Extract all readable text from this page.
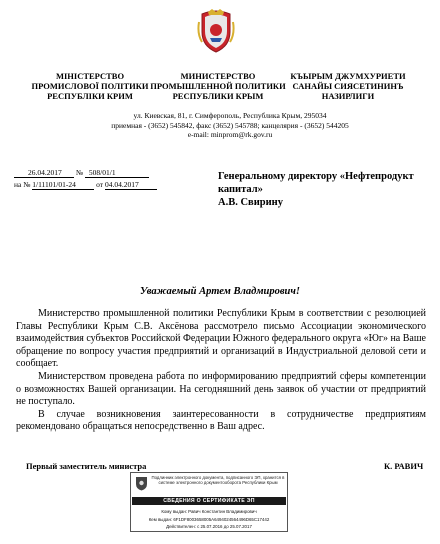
МІНІСТЕРСТВО
ПРОМИСЛОВОЇ ПОЛІТИКИ
РЕСПУБЛІКИ КРИМ
МИНИСТЕРСТВО
ПРОМЫШЛЕННОЙ ПОЛИТИКИ
РЕСПУБЛИКИ КРЫМ
КЪЫРЫМ ДЖУМХУРИЕТИ
САНАЙЫ СИЯСЕТИНИНЪ
НАЗИРЛИГИ
ул. Киевская, 81, г. Симферополь, Республика Крым, 295034
приемная - (3652) 545842, факс (3652) 545788; канцелярия - (3652) 544205
e-mail: minprom@rk.gov.ru
26.04.2017 № 508/01/1
на № 1/11101/01-24	от 04.04.2017
Генеральному директору «Нефтепродукт
капитал»
А.В. Свирину
Уважаемый Артем Владмирович!

Министерство промышленной политики Республики Крым в соответствии с резолюцией Главы Республики Крым С.В. Аксёнова рассмотрело письмо Ассоциации экономического взаимодействия субъектов Российской Федерации Южного федерального округа «Юг» на Ваше обращение по вопросу участия предприятий и организаций в Индустриальной деловой сети и сообщает.

Министерством проведена работа по информированию предприятий сферы компетенции о возможностях Вашей организации. На сегодняшний день заявок об участии от предприятий не поступало.

В случае возникновения заинтересованности в сотрудничестве предприятиям рекомендовано обращаться непосредственно в Ваш адрес.

Первый заместитель министра	К. РАВИЧ
Подлинник электронного документа, подписанного ЭП, хранится в системе электронного документооборота Республики Крым
СВЕДЕНИЯ О СЕРТИФИКАТЕ ЭП
Кому выдан: Равич Константин Владимирович
Кем выдан: 6F1DF8003658005A6494024564496D65C17442
Действителен: с 25.07.2016 до 25.07.2017
